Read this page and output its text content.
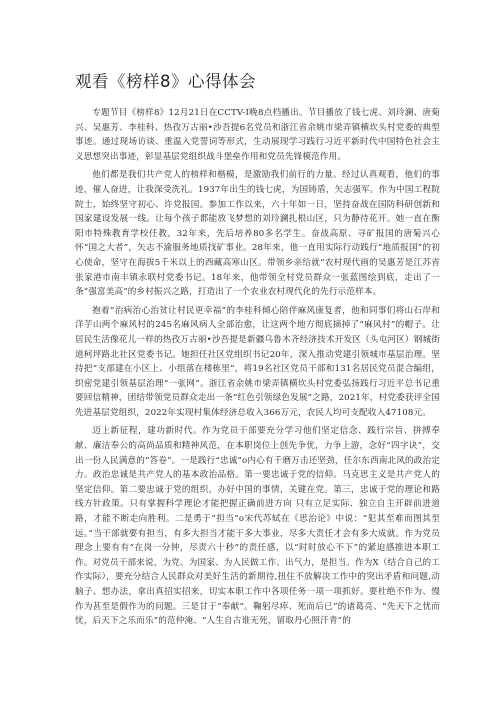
观看《榜样8》心得体会

专题节目《榜样8》12月21日在CCTV-I晚8点档播出。节目播放了钱七虎、刘玲澜、唐菊兴、吴惠芳、李桂科、热孜万古丽•沙吾提6名党员和浙江省余姚市梁弄镇横坎头村党委的典型事迹。通过现场访谈、重温入党誓词等形式，生动展现学习践行习近平新时代中国特色社会主义思想突出事迹，彰显基层党组织战斗堡垒作用和党员先锋模范作用。

他们都是我们共产党人的榜样和楷模，是激励我们前行的力量。经过认真观看，他们的事迹，催人奋进，让我深受洗礼。1937年出生的钱七虎，为国铸盾，矢志强军。作为中国工程院院士，始终坚守初心、许党报国。参加工作以来，六十年如一日，坚持奋战在国防科研创新和国家建设发展一线。让每个孩子都能放飞梦想的刘玲澜扎根山区，只为静待花开。她一直在衡阳市特殊教育学校任教，32年来，先后培养80多名学生。奋战高原、寻矿报国的唐菊兴心怀“国之大者”，矢志不渝服务地质找矿事业。28年来，他一直用实际行动践行“地质报国”的初心使命，坚守在海拔5千米以上的西藏高寒山区。带领乡亲给就“农村现代画的吴惠芳是江苏省张家港市南丰镇永联村党委书记。18年来，他带领全村党员群众一张蓝图绘到底，走出了一条“强富美高”的乡村振兴之路，打造出了一个农业农村现代化的先行示范样本。

抱着“治病治心治贫让村民更幸福”的李桂科倾心陪伴麻风康复者，他和同事们将山石岸和洋芋山两个麻风村的245名麻风病人全部治愈，让这两个地方彻底摘掉了“麻风村”的帽子。让居民生活像花儿一样的热孜万古丽•沙吾提是新疆乌鲁木齐经济技术开发区（头屯河区）钢城街道柯坪路北社区党委书记。她担任社区党组织书记20年，深入推动党建引领城市基层治理。坚持把“支部建在小区上、小组落在楼栋里”，将19名社区党员干部和131名居民党员混合编组，织密党建引领基层治理“一张网”。浙江省余姚市梁弄镇横坎头村党委弘扬践行习近平总书记重要回信精神，团结带领党员群众走出一条“红色引领绿色发展”之路，2021年，村党委获评全国先进基层党组织，2022年实现村集体经济总收入366万元，农民人均可支配收入47108元。

迈上新征程，建功新时代。作为党员干部要充分学习他们坚定信念、践行宗旨、拼搏奉献、廉洁奉公的高尚品质和精神风范，在本职岗位上创先争优，力争上游，念好“四字诀”，交出一份人民满意的“答卷”。一是践行“忠诚”o内心有千磨万击还坚劲，任尔东西南北风的政治定力。政治忠诚是共产党人的基本政治品格。第一要忠诚于党的信仰。马克思主义是共产党人的坚定信仰。第二要忠诚于党的组织，办好中国的事情，关键在党。第三，忠诚于党的理论和路线方针政策。只有掌握科学理论才能把握正确前进方向 只有立足实际、独立自主开辟前进道路，才能不断走向胜利。二是勇于“担当”o宋代苏轼在《思治论》中说：“犯其至难而图其至远。”当干部就要有担当，有多大担当才能干多大事业，尽多大责任才会有多大成就。作为党员理念上要有有“在岗一分钟，尽责六十秒”的责任感，以“时时放心不下”的紧迫感推进本职工作。对党员干部来说，为党、为国家、为人民做工作、出气力，是担当。作为X（结合自己的工作实际），要充分结合人民群众对美好生活的新期待,扭住不放解决工作中的突出矛盾和问题,动脑子、想办法，拿出真招实招来，切实本职工作中各项任务一项一项抓好。要杜绝不作为、慢作为甚至是假作为的问题。三是甘于“奉献”。鞠躬尽瘁、死而后已”的诸葛亮、“先天下之忧而忧，后天下之乐而乐”的范仲淹、“人生自古谁无死，留取丹心照汗青”的
